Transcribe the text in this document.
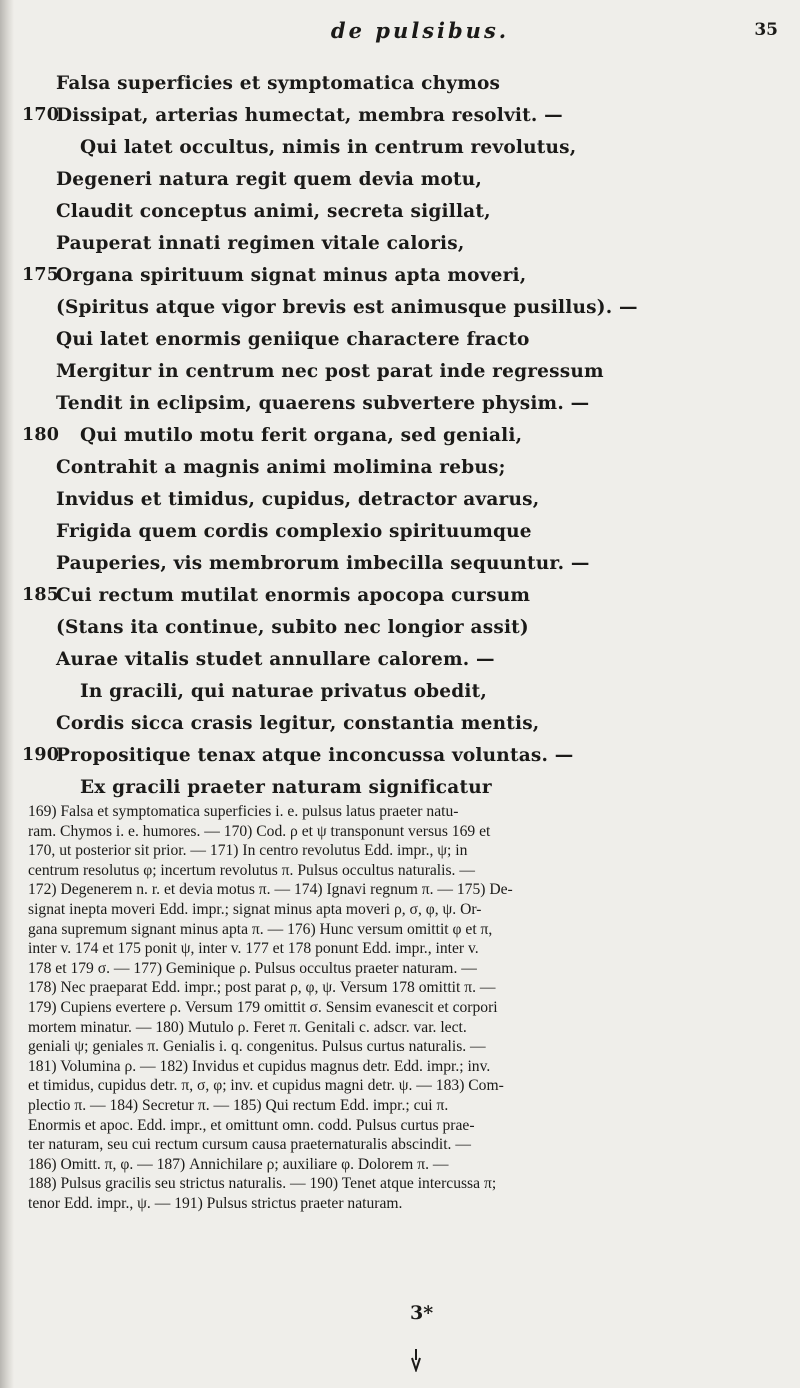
de pulsibus.	35
Falsa superficies et symptomatica chymos
170
Dissipat, arterias humectat, membra resolvit. —
Qui latet occultus, nimis in centrum revolutus,
Degeneri natura regit quem devia motu,
Claudit conceptus animi, secreta sigillat,
Pauperat innati regimen vitale caloris,
175
Organa spirituum signat minus apta moveri,
(Spiritus atque vigor brevis est animusque pusillus). —
Qui latet enormis geniique charactere fracto
Mergitur in centrum nec post parat inde regressum
Tendit in eclipsim, quaerens subvertere physim. —
180	Qui mutilo motu ferit organa, sed geniali,
Contrahit a magnis animi molimina rebus;
Invidus et timidus, cupidus, detractor avarus,
Frigida quem cordis complexio spirituumque
Pauperies, vis membrorum imbecilla sequuntur. —
185
Cui rectum mutilat enormis apocopa cursum
(Stans ita continue, subito nec longior assit)
Aurae vitalis studet annullare calorem. —
In gracili, qui naturae privatus obedit,
Cordis sicca crasis legitur, constantia mentis,
190
Propositique tenax atque inconcussa voluntas. —
Ex gracili praeter naturam significatur
169) Falsa et symptomatica superficies i. e. pulsus latus praeter natu-
ram. Chymos i. e. humores. — 170) Cod. ρ et ψ transponunt versus 169 et
170, ut posterior sit prior. — 171) In centro revolutus Edd. impr., ψ; in
centrum resolutus φ; incertum revolutus π. Pulsus occultus naturalis. —
172) Degenerem n. r. et devia motus π. — 174) Ignavi regnum π. — 175) De-
signat inepta moveri Edd. impr.; signat minus apta moveri ρ, σ, φ, ψ. Or-
gana supremum signant minus apta π. — 176) Hunc versum omittit φ et π,
inter v. 174 et 175 ponit ψ, inter v. 177 et 178 ponunt Edd. impr., inter v.
178 et 179 σ. — 177) Geminique ρ. Pulsus occultus praeter naturam. —
178) Nec praeparat Edd. impr.; post parat ρ, φ, ψ. Versum 178 omittit π. —
179) Cupiens evertere ρ. Versum 179 omittit σ. Sensim evanescit et corpori
mortem minatur. — 180) Mutulo ρ. Feret π. Genitali c. adscr. var. lect.
geniali ψ; geniales π. Genialis i. q. congenitus. Pulsus curtus naturalis. —
181) Volumina ρ. — 182) Invidus et cupidus magnus detr. Edd. impr.; inv.
et timidus, cupidus detr. π, σ, φ; inv. et cupidus magni detr. ψ. — 183) Com-
plectio π. — 184) Secretur π. — 185) Qui rectum Edd. impr.; cui π.
Enormis et apoc. Edd. impr., et omittunt omn. codd. Pulsus curtus prae-
ter naturam, seu cui rectum cursum causa praeternaturalis abscindit. —
186) Omitt. π, φ. — 187) Annichilare ρ; auxiliare φ. Dolorem π. —
188) Pulsus gracilis seu strictus naturalis. — 190) Tenet atque intercussa π;
tenor Edd. impr., ψ. — 191) Pulsus strictus praeter naturam.
3*
